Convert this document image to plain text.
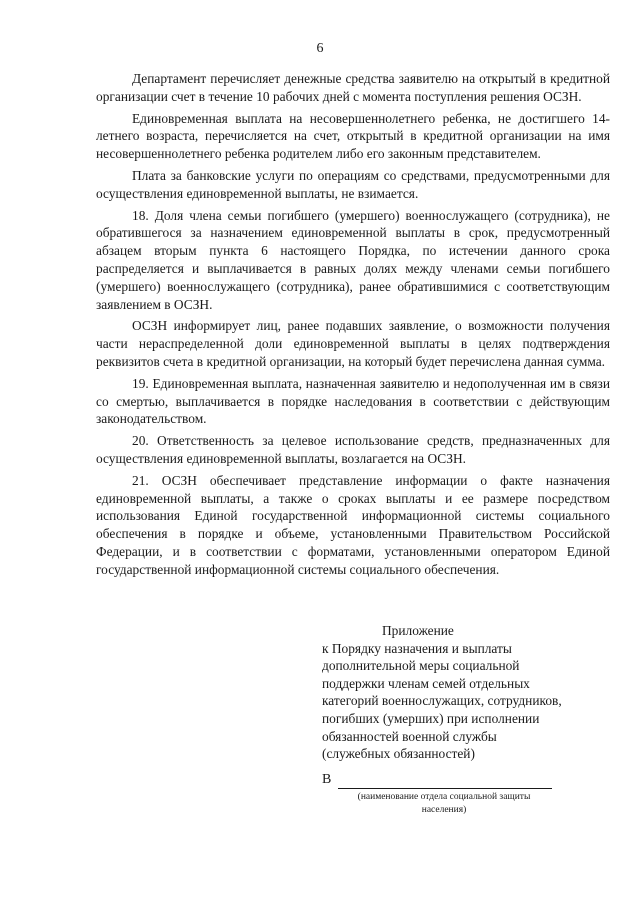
6

Департамент перечисляет денежные средства заявителю на открытый в кредитной организации счет в течение 10 рабочих дней с момента поступления решения ОСЗН.

Единовременная выплата на несовершеннолетнего ребенка, не достигшего 14-летнего возраста, перечисляется на счет, открытый в кредитной организации на имя несовершеннолетнего ребенка родителем либо его законным представителем.

Плата за банковские услуги по операциям со средствами, предусмотренными для осуществления единовременной выплаты, не взимается.

18. Доля члена семьи погибшего (умершего) военнослужащего (сотрудника), не обратившегося за назначением единовременной выплаты в срок, предусмотренный абзацем вторым пункта 6 настоящего Порядка, по истечении данного срока распределяется и выплачивается в равных долях между членами семьи погибшего (умершего) военнослужащего (сотрудника), ранее обратившимися с соответствующим заявлением в ОСЗН.

ОСЗН информирует лиц, ранее подавших заявление, о возможности получения части нераспределенной доли единовременной выплаты в целях подтверждения реквизитов счета в кредитной организации, на который будет перечислена данная сумма.

19. Единовременная выплата, назначенная заявителю и недополученная им в связи со смертью, выплачивается в порядке наследования в соответствии с действующим законодательством.

20. Ответственность за целевое использование средств, предназначенных для осуществления единовременной выплаты, возлагается на ОСЗН.

21. ОСЗН обеспечивает представление информации о факте назначения единовременной выплаты, а также о сроках выплаты и ее размере посредством использования Единой государственной информационной системы социального обеспечения в порядке и объеме, установленными Правительством Российской Федерации, и в соответствии с форматами, установленными оператором Единой государственной информационной системы социального обеспечения.

Приложение
к Порядку назначения и выплаты
дополнительной меры социальной
поддержки членам семей отдельных
категорий военнослужащих, сотрудников,
погибших (умерших) при исполнении
обязанностей военной службы
(служебных обязанностей)
В
(наименование отдела социальной защиты
населения)
